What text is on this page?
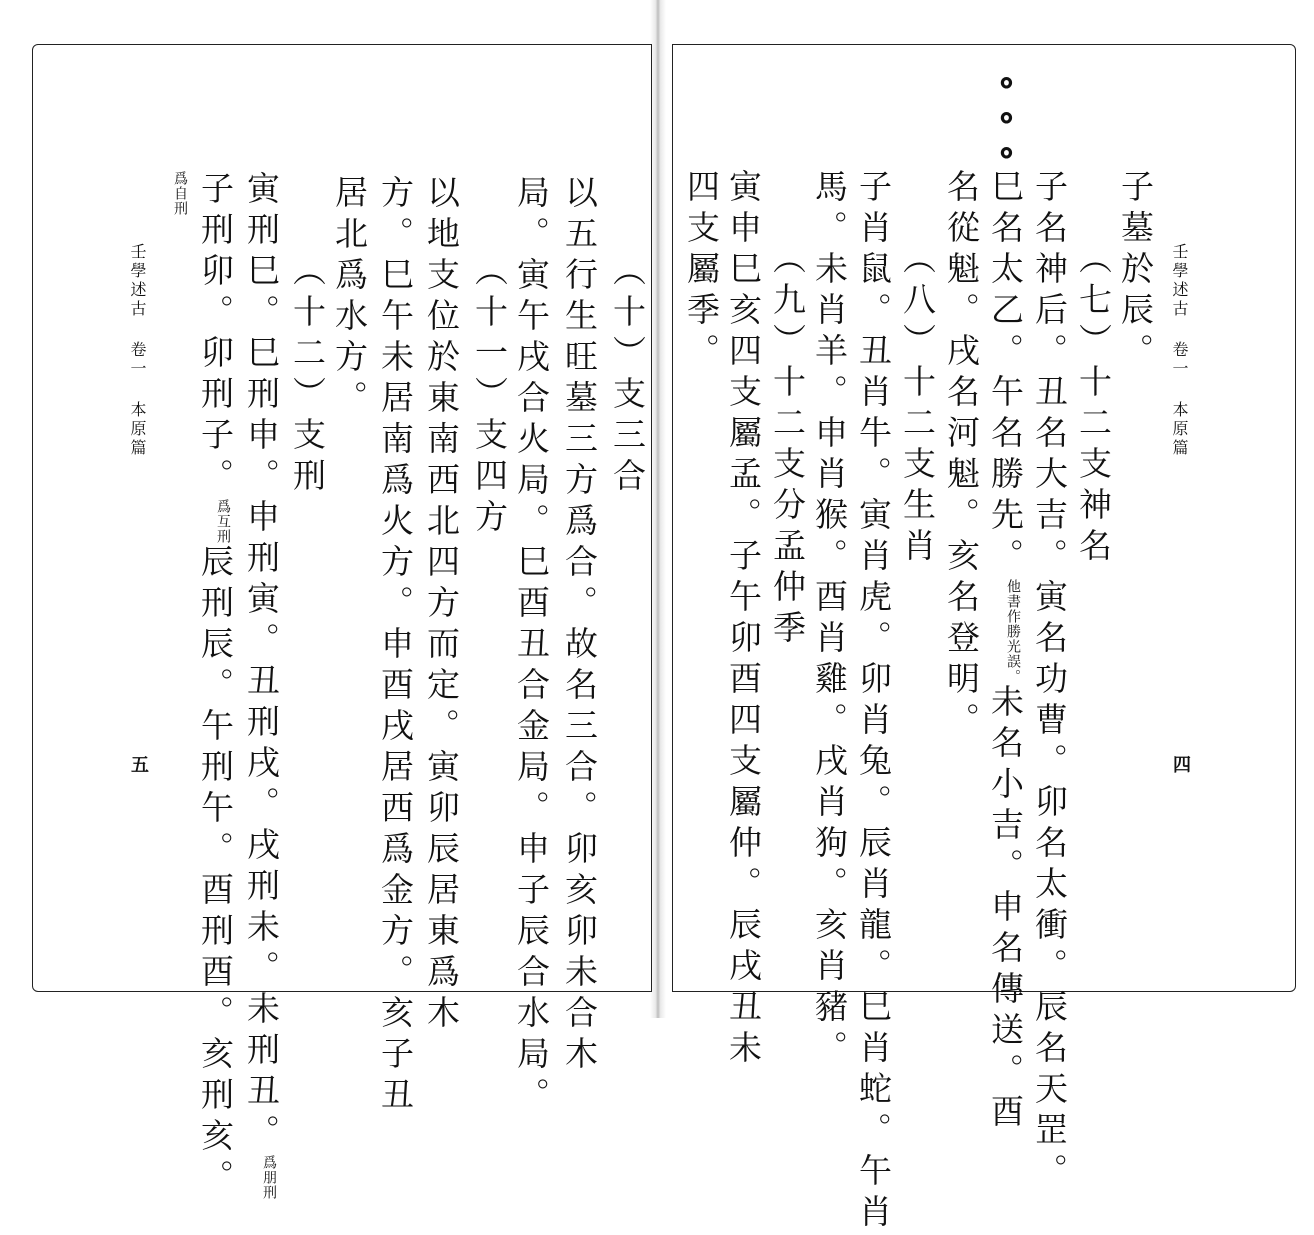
壬學述古卷一本原篇
五
（十）支三合
以五行生旺墓三方爲合。故名三合。卯亥卯未合木
局。寅午戌合火局。巳酉丑合金局。申子辰合水局。
（十一）支四方
以地支位於東南西北四方而定。寅卯辰居東爲木
方。巳午未居南爲火方。申酉戌居西爲金方。亥子丑
居北爲水方。
（十二）支刑
寅刑巳。巳刑申。申刑寅。丑刑戌。戌刑未。未刑丑。爲朋刑
子刑卯。卯刑子。爲互刑辰刑辰。午刑午。酉刑酉。亥刑亥。
爲自刑
壬學述古卷一本原篇
四
⚬⚬⚬
子墓於辰。
（七）十二支神名
子名神后。丑名大吉。寅名功曹。卯名太衝。辰名天罡。
巳名太乙。午名勝先。他書作勝光誤。未名小吉。申名傳送。酉
名從魁。戌名河魁。亥名登明。
（八）十二支生肖
子肖鼠。丑肖牛。寅肖虎。卯肖兔。辰肖龍。巳肖蛇。午肖
馬。未肖羊。申肖猴。酉肖雞。戌肖狗。亥肖豬。
（九）十二支分孟仲季
寅申巳亥四支屬孟。子午卯酉四支屬仲。辰戌丑未
四支屬季。
